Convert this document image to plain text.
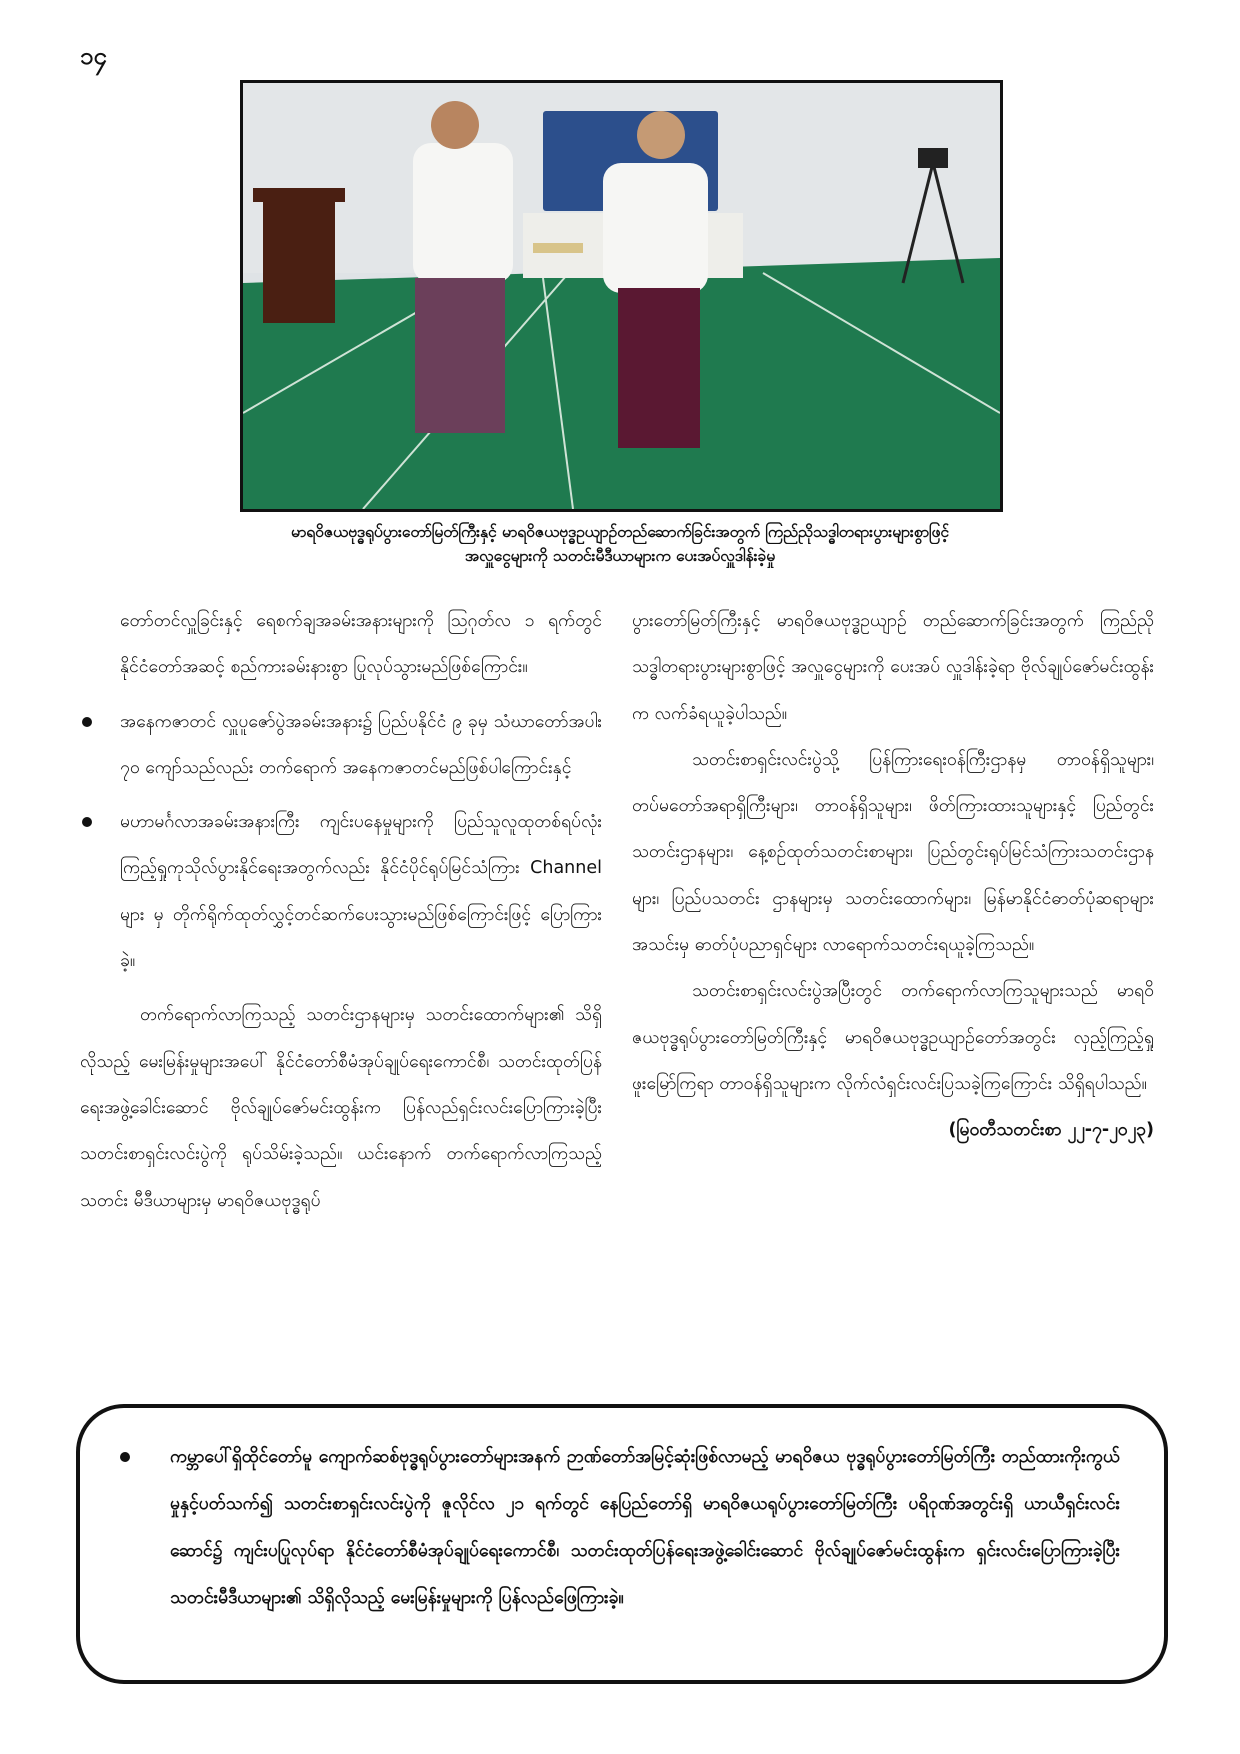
၁၄
မာရဝိဇယဗုဒ္ဓရုပ်ပွားတော်မြတ်ကြီးနှင့် မာရဝိဇယဗုဒ္ဓဥယျာဉ်တည်ဆောက်ခြင်းအတွက် ကြည်ညိုသဒ္ဓါတရားပွားများစွာဖြင့်
အလှူငွေများကို သတင်းမီဒီယာများက ပေးအပ်လှူဒါန်းခဲ့မှု

တော်တင်လှူခြင်းနှင့် ရေစက်ချအခမ်းအနားများကို ဩဂုတ်လ ၁ ရက်တွင် နိုင်ငံတော်အဆင့် စည်ကားခမ်းနားစွာ ပြုလုပ်သွားမည်ဖြစ်ကြောင်း။

အနေကဇာတင် လှူပူဇော်ပွဲအခမ်းအနား၌ ပြည်ပနိုင်ငံ ၉ ခုမှ သံဃာတော်အပါး ၇၀ ကျော်သည်လည်း တက်ရောက် အနေကဇာတင်မည်ဖြစ်ပါကြောင်းနှင့်
မဟာမင်္ဂလာအခမ်းအနားကြီး ကျင်းပနေမှုများကို ပြည်သူလူထုတစ်ရပ်လုံး ကြည့်ရှုကုသိုလ်ပွားနိုင်ရေးအတွက်လည်း နိုင်ငံပိုင်ရုပ်မြင်သံကြား Channel များ မှ တိုက်ရိုက်ထုတ်လွှင့်တင်ဆက်ပေးသွားမည်ဖြစ်ကြောင်းဖြင့် ပြောကြားခဲ့။

တက်ရောက်လာကြသည့် သတင်းဌာနများမှ သတင်းထောက်များ၏ သိရှိလိုသည့် မေးမြန်းမှုများအပေါ် နိုင်ငံတော်စီမံအုပ်ချုပ်ရေးကောင်စီ၊ သတင်းထုတ်ပြန်ရေးအဖွဲ့ခေါင်းဆောင် ဗိုလ်ချုပ်ဇော်မင်းထွန်းက ပြန်လည်ရှင်းလင်းပြောကြားခဲ့ပြီး သတင်းစာရှင်းလင်းပွဲကို ရုပ်သိမ်းခဲ့သည်။ ယင်းနောက် တက်ရောက်လာကြသည့် သတင်း မီဒီယာများမှ မာရဝိဇယဗုဒ္ဓရုပ်

ပွားတော်မြတ်ကြီးနှင့် မာရဝိဇယဗုဒ္ဓဥယျာဉ် တည်ဆောက်ခြင်းအတွက် ကြည်ညိုသဒ္ဓါတရားပွားများစွာဖြင့် အလှူငွေများကို ပေးအပ် လှူဒါန်းခဲ့ရာ ဗိုလ်ချုပ်ဇော်မင်းထွန်းက လက်ခံရယူခဲ့ပါသည်။

သတင်းစာရှင်းလင်းပွဲသို့ ပြန်ကြားရေးဝန်ကြီးဌာနမှ တာဝန်ရှိသူများ၊ တပ်မတော်အရာရှိကြီးများ၊ တာဝန်ရှိသူများ၊ ဖိတ်ကြားထားသူများနှင့် ပြည်တွင်းသတင်းဌာနများ၊ နေ့စဉ်ထုတ်သတင်းစာများ၊ ပြည်တွင်းရုပ်မြင်သံကြားသတင်းဌာနများ၊ ပြည်ပသတင်း ဌာနများမှ သတင်းထောက်များ၊ မြန်မာနိုင်ငံဓာတ်ပုံဆရာများအသင်းမှ ဓာတ်ပုံပညာရှင်များ လာရောက်သတင်းရယူခဲ့ကြသည်။

သတင်းစာရှင်းလင်းပွဲအပြီးတွင် တက်ရောက်လာကြသူများသည် မာရဝိဇယဗုဒ္ဓရုပ်ပွားတော်မြတ်ကြီးနှင့် မာရဝိဇယဗုဒ္ဓဥယျာဉ်တော်အတွင်း လှည့်ကြည့်ရှုဖူးမြော်ကြရာ တာဝန်ရှိသူများက လိုက်လံရှင်းလင်းပြသခဲ့ကြကြောင်း သိရှိရပါသည်။

(မြဝတီသတင်းစာ ၂၂-၇-၂၀၂၃)

ကမ္ဘာပေါ်ရှိထိုင်တော်မူ ကျောက်ဆစ်ဗုဒ္ဓရုပ်ပွားတော်များအနက် ဉာဏ်တော်အမြင့်ဆုံးဖြစ်လာမည့် မာရဝိဇယ ဗုဒ္ဓရုပ်ပွားတော်မြတ်ကြီး တည်ထားကိုးကွယ်မှုနှင့်ပတ်သက်၍ သတင်းစာရှင်းလင်းပွဲကို ဇူလိုင်လ ၂၁ ရက်တွင် နေပြည်တော်ရှိ မာရဝိဇယရုပ်ပွားတော်မြတ်ကြီး ပရိဝုဏ်အတွင်းရှိ ယာယီရှင်းလင်းဆောင်၌ ကျင်းပပြုလုပ်ရာ နိုင်ငံတော်စီမံအုပ်ချုပ်ရေးကောင်စီ၊ သတင်းထုတ်ပြန်ရေးအဖွဲ့ခေါင်းဆောင် ဗိုလ်ချုပ်ဇော်မင်းထွန်းက ရှင်းလင်းပြောကြားခဲ့ပြီး သတင်းမီဒီယာများ၏ သိရှိလိုသည့် မေးမြန်းမှုများကို ပြန်လည်ဖြေကြားခဲ့။
